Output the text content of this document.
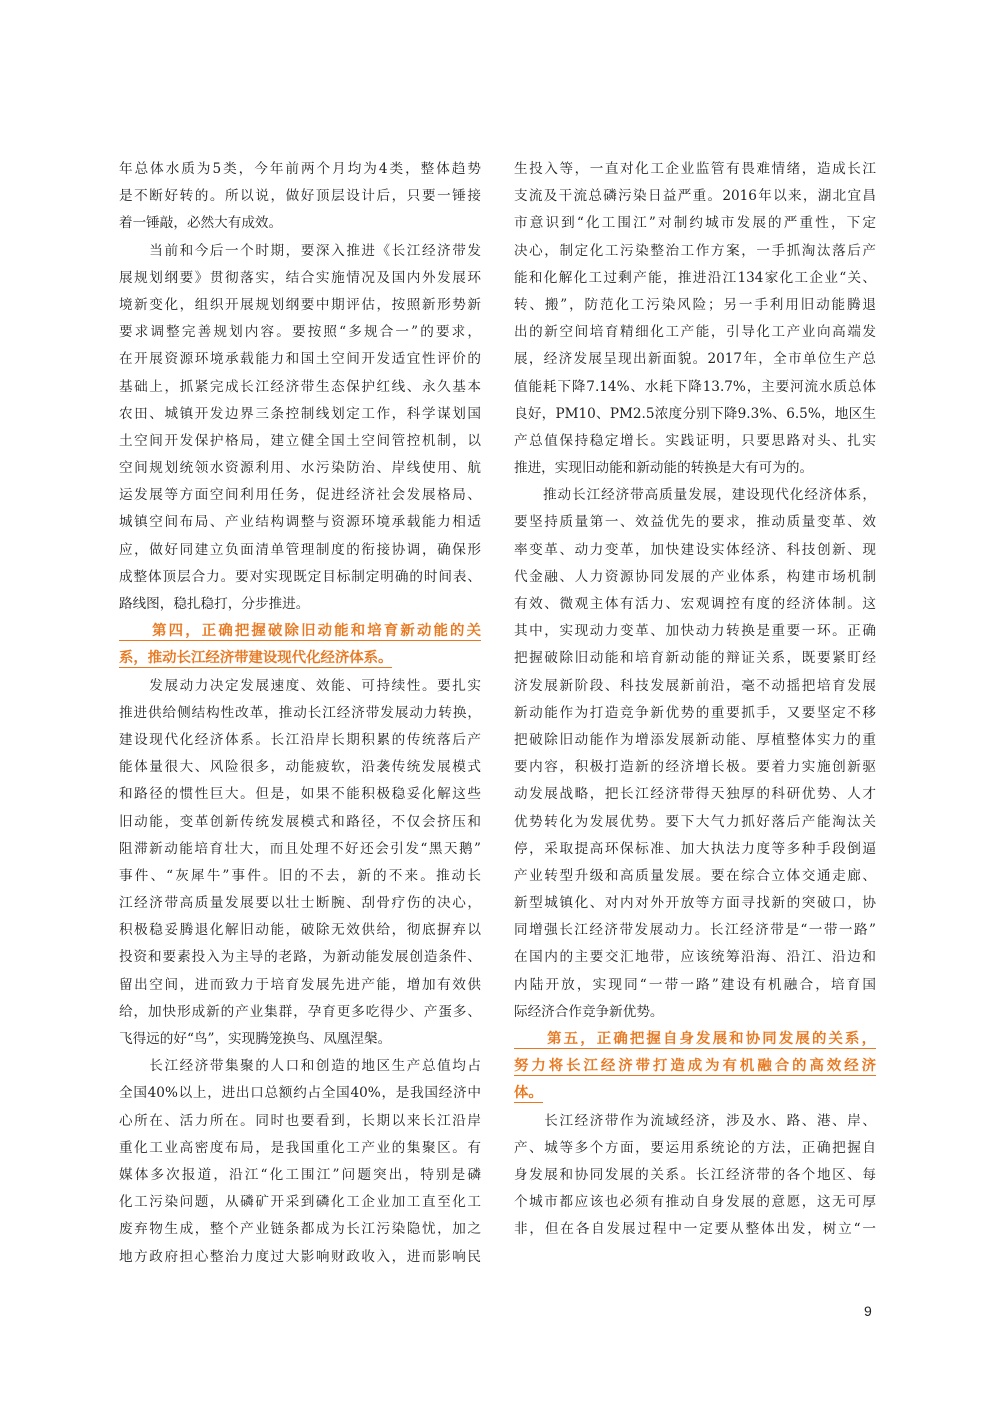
年总体水质为5类，今年前两个月均为4类，整体趋势
是不断好转的。所以说，做好顶层设计后，只要一锤接
着一锤敲，必然大有成效。
　　当前和今后一个时期，要深入推进《长江经济带发
展规划纲要》贯彻落实，结合实施情况及国内外发展环
境新变化，组织开展规划纲要中期评估，按照新形势新
要求调整完善规划内容。要按照“多规合一”的要求，
在开展资源环境承载能力和国土空间开发适宜性评价的
基础上，抓紧完成长江经济带生态保护红线、永久基本
农田、城镇开发边界三条控制线划定工作，科学谋划国
土空间开发保护格局，建立健全国土空间管控机制，以
空间规划统领水资源利用、水污染防治、岸线使用、航
运发展等方面空间利用任务，促进经济社会发展格局、
城镇空间布局、产业结构调整与资源环境承载能力相适
应，做好同建立负面清单管理制度的衔接协调，确保形
成整体顶层合力。要对实现既定目标制定明确的时间表、
路线图，稳扎稳打，分步推进。
　　第四，正确把握破除旧动能和培育新动能的关
系，推动长江经济带建设现代化经济体系。
　　发展动力决定发展速度、效能、可持续性。要扎实
推进供给侧结构性改革，推动长江经济带发展动力转换，
建设现代化经济体系。长江沿岸长期积累的传统落后产
能体量很大、风险很多，动能疲软，沿袭传统发展模式
和路径的惯性巨大。但是，如果不能积极稳妥化解这些
旧动能，变革创新传统发展模式和路径，不仅会挤压和
阻滞新动能培育壮大，而且处理不好还会引发“黑天鹅”
事件、“灰犀牛”事件。旧的不去，新的不来。推动长
江经济带高质量发展要以壮士断腕、刮骨疗伤的决心，
积极稳妥腾退化解旧动能，破除无效供给，彻底摒弃以
投资和要素投入为主导的老路，为新动能发展创造条件、
留出空间，进而致力于培育发展先进产能，增加有效供
给，加快形成新的产业集群，孕育更多吃得少、产蛋多、
飞得远的好“鸟”，实现腾笼换鸟、凤凰涅槃。
　　长江经济带集聚的人口和创造的地区生产总值均占
全国40%以上，进出口总额约占全国40%，是我国经济中
心所在、活力所在。同时也要看到，长期以来长江沿岸
重化工业高密度布局，是我国重化工产业的集聚区。有
媒体多次报道，沿江“化工围江”问题突出，特别是磷
化工污染问题，从磷矿开采到磷化工企业加工直至化工
废弃物生成，整个产业链条都成为长江污染隐忧，加之
地方政府担心整治力度过大影响财政收入，进而影响民
生投入等，一直对化工企业监管有畏难情绪，造成长江
支流及干流总磷污染日益严重。2016年以来，湖北宜昌
市意识到“化工围江”对制约城市发展的严重性，下定
决心，制定化工污染整治工作方案，一手抓淘汰落后产
能和化解化工过剩产能，推进沿江134家化工企业“关、
转、搬”，防范化工污染风险；另一手利用旧动能腾退
出的新空间培育精细化工产能，引导化工产业向高端发
展，经济发展呈现出新面貌。2017年，全市单位生产总
值能耗下降7.14%、水耗下降13.7%，主要河流水质总体
良好，PM10、PM2.5浓度分别下降9.3%、6.5%，地区生
产总值保持稳定增长。实践证明，只要思路对头、扎实
推进，实现旧动能和新动能的转换是大有可为的。
　　推动长江经济带高质量发展，建设现代化经济体系，
要坚持质量第一、效益优先的要求，推动质量变革、效
率变革、动力变革，加快建设实体经济、科技创新、现
代金融、人力资源协同发展的产业体系，构建市场机制
有效、微观主体有活力、宏观调控有度的经济体制。这
其中，实现动力变革、加快动力转换是重要一环。正确
把握破除旧动能和培育新动能的辩证关系，既要紧盯经
济发展新阶段、科技发展新前沿，毫不动摇把培育发展
新动能作为打造竞争新优势的重要抓手，又要坚定不移
把破除旧动能作为增添发展新动能、厚植整体实力的重
要内容，积极打造新的经济增长极。要着力实施创新驱
动发展战略，把长江经济带得天独厚的科研优势、人才
优势转化为发展优势。要下大气力抓好落后产能淘汰关
停，采取提高环保标准、加大执法力度等多种手段倒逼
产业转型升级和高质量发展。要在综合立体交通走廊、
新型城镇化、对内对外开放等方面寻找新的突破口，协
同增强长江经济带发展动力。长江经济带是“一带一路”
在国内的主要交汇地带，应该统筹沿海、沿江、沿边和
内陆开放，实现同“一带一路”建设有机融合，培育国
际经济合作竞争新优势。
　　第五，正确把握自身发展和协同发展的关系，
努力将长江经济带打造成为有机融合的高效经济
体。
　　长江经济带作为流域经济，涉及水、路、港、岸、
产、城等多个方面，要运用系统论的方法，正确把握自
身发展和协同发展的关系。长江经济带的各个地区、每
个城市都应该也必须有推动自身发展的意愿，这无可厚
非，但在各自发展过程中一定要从整体出发，树立“一
9
